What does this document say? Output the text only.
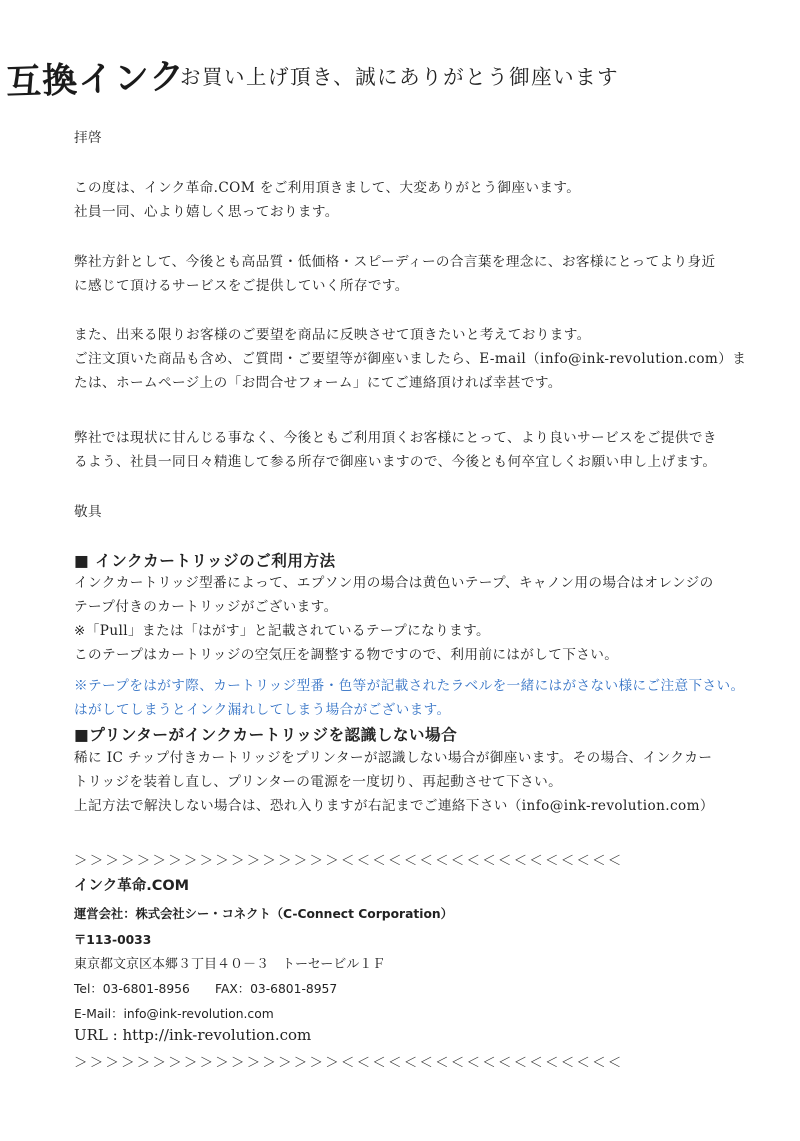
互換インク
お買い上げ頂き、誠にありがとう御座います
拝啓
この度は、インク革命.COM をご利用頂きまして、大変ありがとう御座います。
社員一同、心より嬉しく思っております。
弊社方針として、今後とも高品質・低価格・スピーディーの合言葉を理念に、お客様にとってより身近
に感じて頂けるサービスをご提供していく所存です。
また、出来る限りお客様のご要望を商品に反映させて頂きたいと考えております。
ご注文頂いた商品も含め、ご質問・ご要望等が御座いましたら、E-mail（info@ink-revolution.com）ま
たは、ホームページ上の「お問合せフォーム」にてご連絡頂ければ幸甚です。
弊社では現状に甘んじる事なく、今後ともご利用頂くお客様にとって、より良いサービスをご提供でき
るよう、社員一同日々精進して参る所存で御座いますので、今後とも何卒宜しくお願い申し上げます。
敬具
■ インクカートリッジのご利用方法
インクカートリッジ型番によって、エプソン用の場合は黄色いテープ、キャノン用の場合はオレンジの
テープ付きのカートリッジがございます。
※「Pull」または「はがす」と記載されているテープになります。
このテープはカートリッジの空気圧を調整する物ですので、利用前にはがして下さい。
※テープをはがす際、カートリッジ型番・色等が記載されたラベルを一緒にはがさない様にご注意下さい。
はがしてしまうとインク漏れしてしまう場合がございます。
■プリンターがインクカートリッジを認識しない場合
稀に IC チップ付きカートリッジをプリンターが認識しない場合が御座います。その場合、インクカー
トリッジを装着し直し、プリンターの電源を一度切り、再起動させて下さい。
上記方法で解決しない場合は、恐れ入りますが右記までご連絡下さい（info@ink-revolution.com）
＞＞＞＞＞＞＞＞＞＞＞＞＞＞＞＞＞＜＜＜＜＜＜＜＜＜＜＜＜＜＜＜＜＜＜
インク革命.COM
運営会社：株式会社シー・コネクト（C-Connect Corporation）
〒113-0033
東京都文京区本郷３丁目４０－３　トーセービル１Ｆ
Tel：03-6801-8956 FAX：03-6801-8957
E-Mail：info@ink-revolution.com
URL : http://ink-revolution.com
＞＞＞＞＞＞＞＞＞＞＞＞＞＞＞＞＞＜＜＜＜＜＜＜＜＜＜＜＜＜＜＜＜＜＜
